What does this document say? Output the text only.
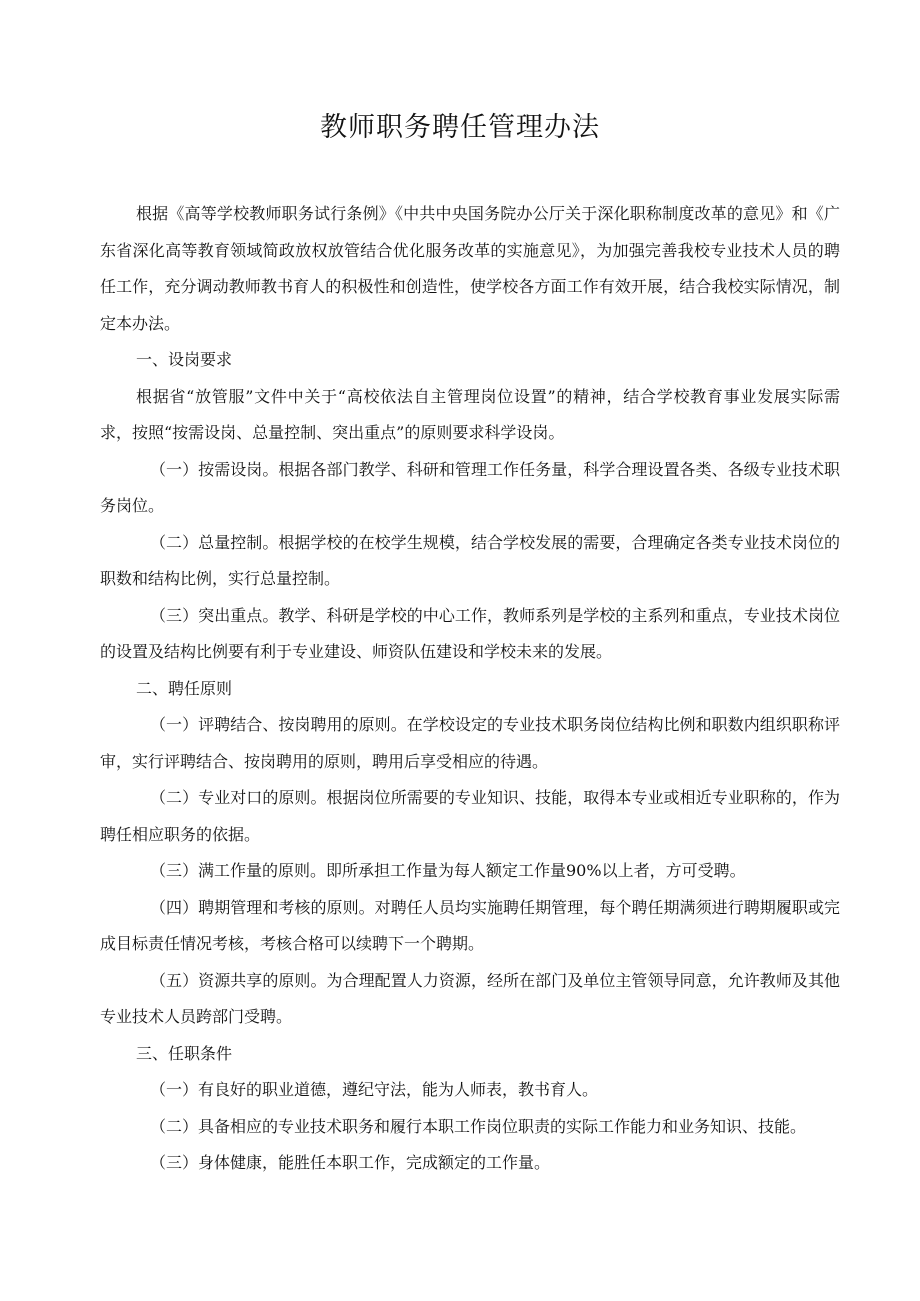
教师职务聘任管理办法

根据《高等学校教师职务试行条例》《中共中央国务院办公厅关于深化职称制度改革的意见》和《广东省深化高等教育领域简政放权放管结合优化服务改革的实施意见》，为加强完善我校专业技术人员的聘任工作，充分调动教师教书育人的积极性和创造性，使学校各方面工作有效开展，结合我校实际情况，制定本办法。

一、设岗要求

根据省“放管服”文件中关于“高校依法自主管理岗位设置”的精神，结合学校教育事业发展实际需求，按照“按需设岗、总量控制、突出重点”的原则要求科学设岗。

（一）按需设岗。根据各部门教学、科研和管理工作任务量，科学合理设置各类、各级专业技术职务岗位。

（二）总量控制。根据学校的在校学生规模，结合学校发展的需要，合理确定各类专业技术岗位的职数和结构比例，实行总量控制。

（三）突出重点。教学、科研是学校的中心工作，教师系列是学校的主系列和重点，专业技术岗位的设置及结构比例要有利于专业建设、师资队伍建设和学校未来的发展。

二、聘任原则

（一）评聘结合、按岗聘用的原则。在学校设定的专业技术职务岗位结构比例和职数内组织职称评审，实行评聘结合、按岗聘用的原则，聘用后享受相应的待遇。

（二）专业对口的原则。根据岗位所需要的专业知识、技能，取得本专业或相近专业职称的，作为聘任相应职务的依据。

（三）满工作量的原则。即所承担工作量为每人额定工作量90%以上者，方可受聘。

（四）聘期管理和考核的原则。对聘任人员均实施聘任期管理，每个聘任期满须进行聘期履职或完成目标责任情况考核，考核合格可以续聘下一个聘期。

（五）资源共享的原则。为合理配置人力资源，经所在部门及单位主管领导同意，允许教师及其他专业技术人员跨部门受聘。

三、任职条件

（一）有良好的职业道德，遵纪守法，能为人师表，教书育人。

（二）具备相应的专业技术职务和履行本职工作岗位职责的实际工作能力和业务知识、技能。

（三）身体健康，能胜任本职工作，完成额定的工作量。
